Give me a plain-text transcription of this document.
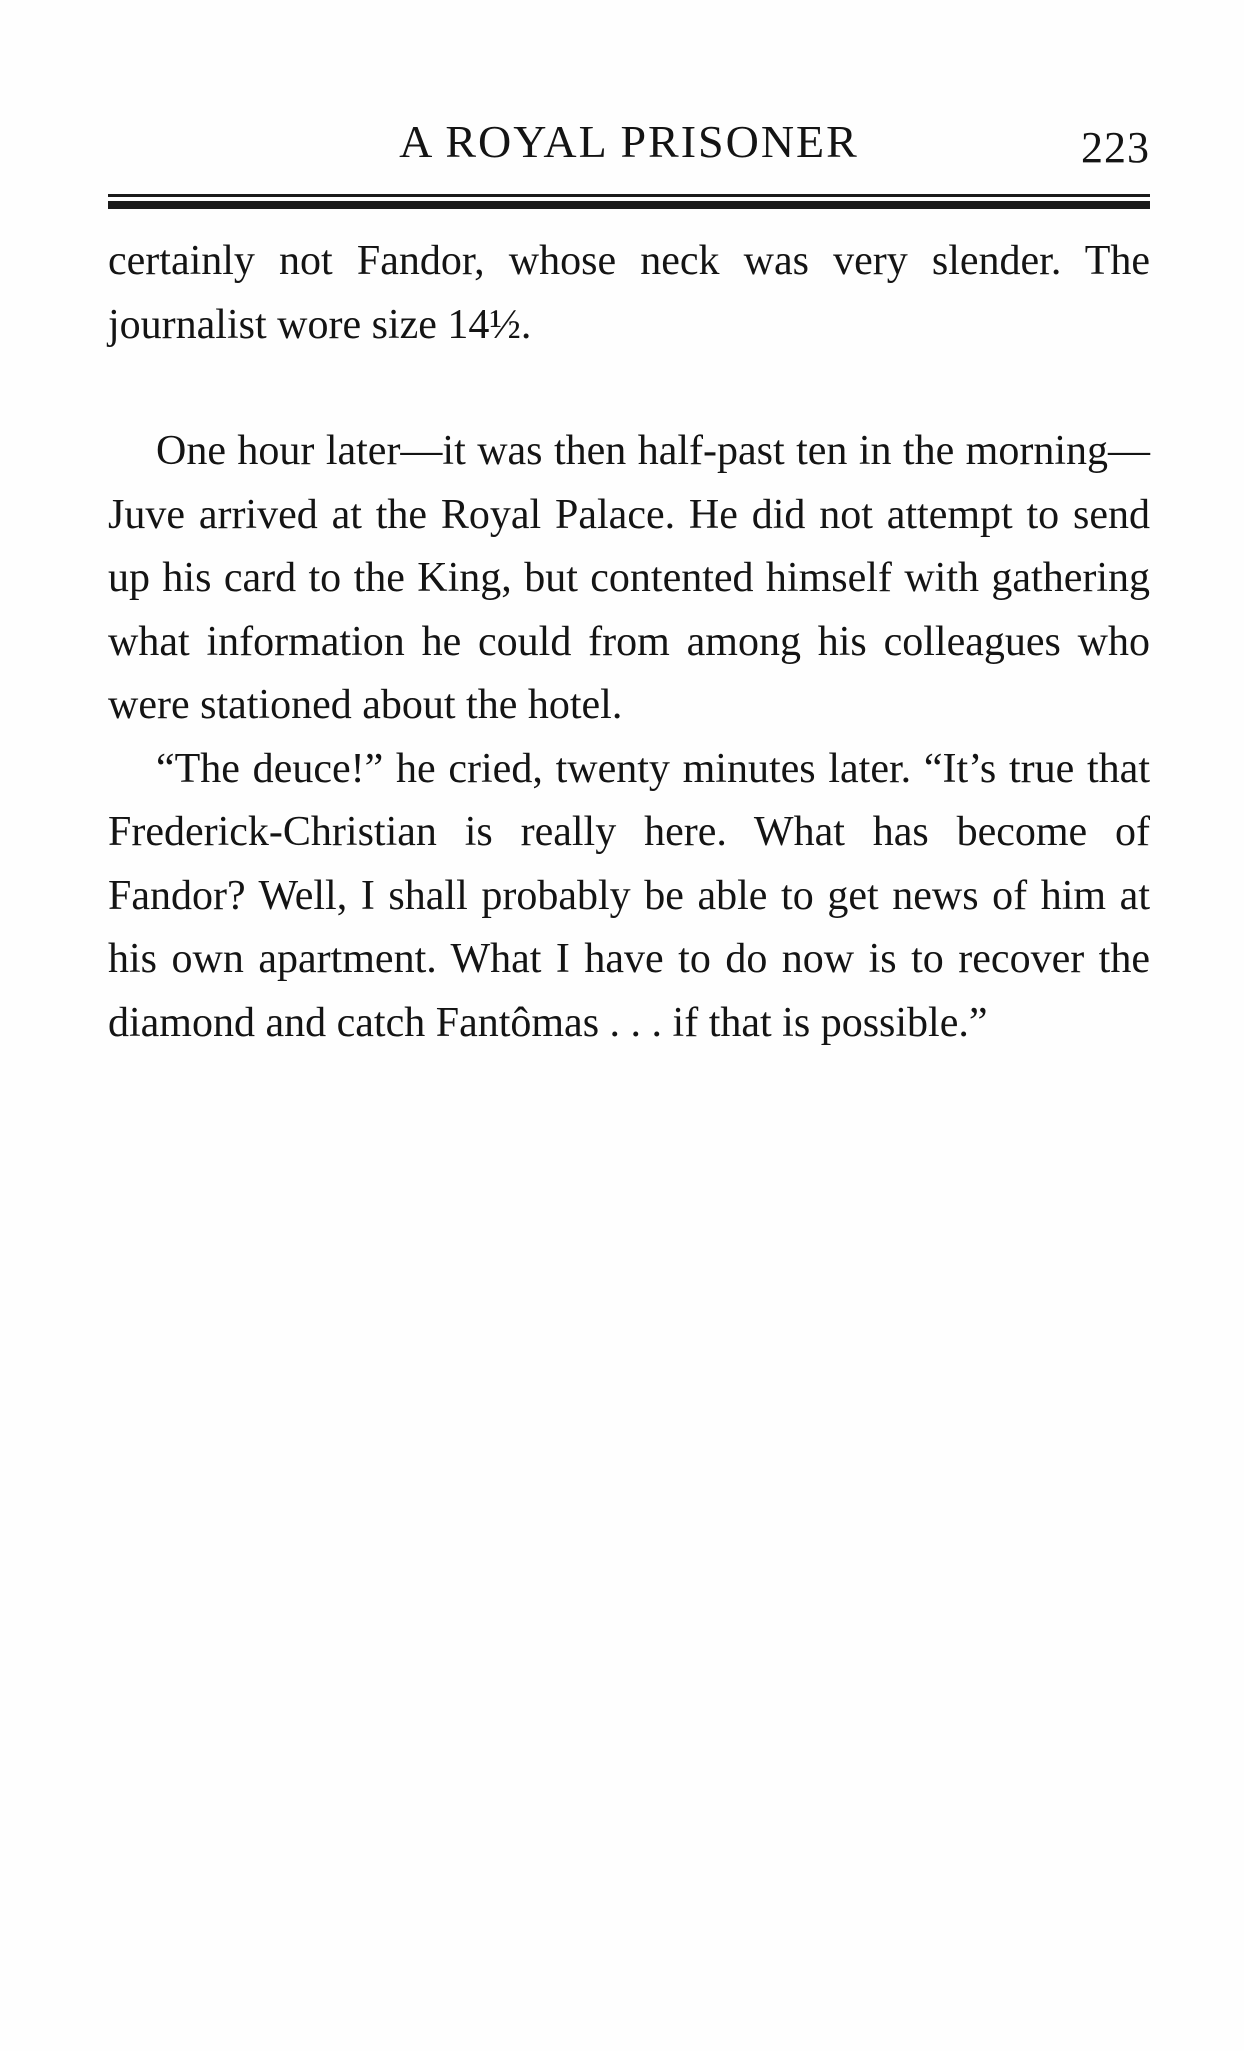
A ROYAL PRISONER	223

certainly not Fandor, whose neck was very slender. The journalist wore size 14½.

One hour later—it was then half-past ten in the morning—Juve arrived at the Royal Palace. He did not attempt to send up his card to the King, but contented himself with gathering what information he could from among his colleagues who were stationed about the hotel.

“The deuce!” he cried, twenty minutes later. “It’s true that Frederick-Christian is really here. What has become of Fandor? Well, I shall probably be able to get news of him at his own apartment. What I have to do now is to recover the diamond and catch Fantômas . . . if that is possible.”
